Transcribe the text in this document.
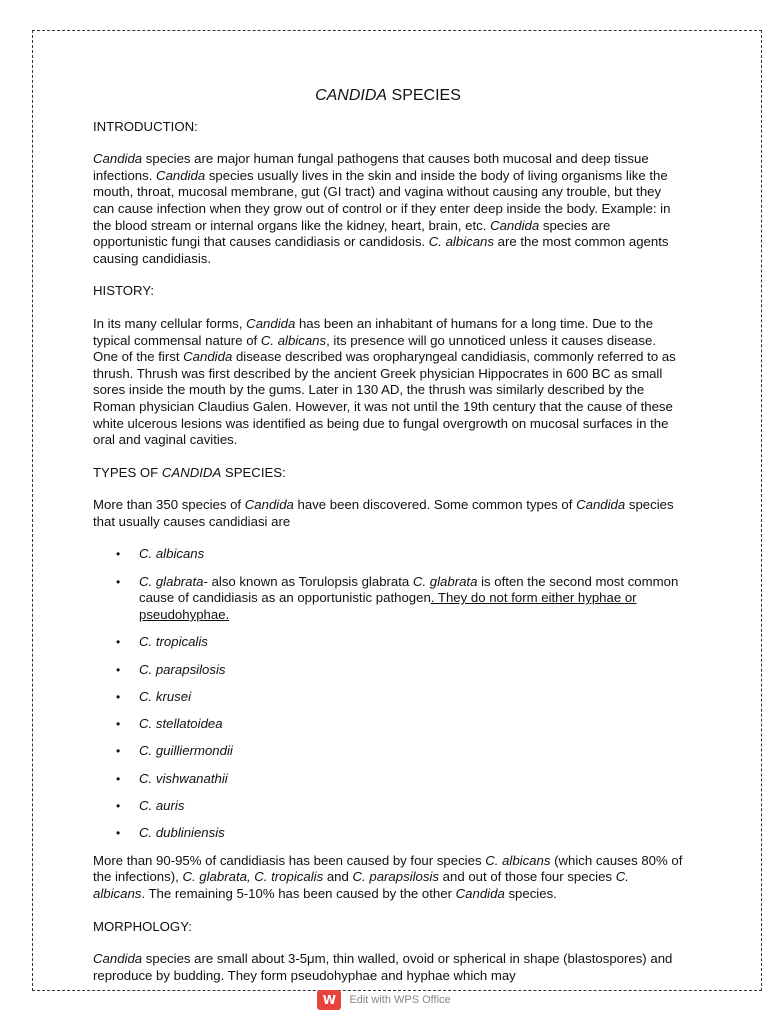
CANDIDA SPECIES
INTRODUCTION:

Candida species are major human fungal pathogens that causes both mucosal and deep tissue infections. Candida species usually lives in the skin and inside the body of living organisms like the mouth, throat, mucosal membrane, gut (GI tract) and vagina without causing any trouble, but they can cause infection when they grow out of control or if they enter deep inside the body. Example: in the blood stream or internal organs like the kidney, heart, brain, etc. Candida species are opportunistic fungi that causes candidiasis or candidosis. C. albicans are the most common agents causing candidiasis.

HISTORY:

In its many cellular forms, Candida has been an inhabitant of humans for a long time. Due to the typical commensal nature of C. albicans, its presence will go unnoticed unless it causes disease. One of the first Candida disease described was oropharyngeal candidiasis, commonly referred to as thrush. Thrush was first described by the ancient Greek physician Hippocrates in 600 BC as small sores inside the mouth by the gums. Later in 130 AD, the thrush was similarly described by the Roman physician Claudius Galen. However, it was not until the 19th century that the cause of these white ulcerous lesions was identified as being due to fungal overgrowth on mucosal surfaces in the oral and vaginal cavities.

TYPES OF CANDIDA SPECIES:

More than 350 species of Candida have been discovered. Some common types of Candida species that usually causes candidiasi are

• C. albicans
• C. glabrata- also known as Torulopsis glabrata C. glabrata is often the second most common cause of candidiasis as an opportunistic pathogen. They do not form either hyphae or pseudohyphae.
• C. tropicalis
• C. parapsilosis
• C. krusei
• C. stellatoidea
• C. guilliermondii
• C. vishwanathii
• C. auris
• C. dubliniensis

More than 90-95% of candidiasis has been caused by four species C. albicans (which causes 80% of the infections), C. glabrata, C. tropicalis and C. parapsilosis and out of those four species C. albicans. The remaining 5-10% has been caused by the other Candida species.

MORPHOLOGY:

Candida species are small about 3-5μm, thin walled, ovoid or spherical in shape (blastospores) and reproduce by budding. They form pseudohyphae and hyphae which may

W	Edit with WPS Office
